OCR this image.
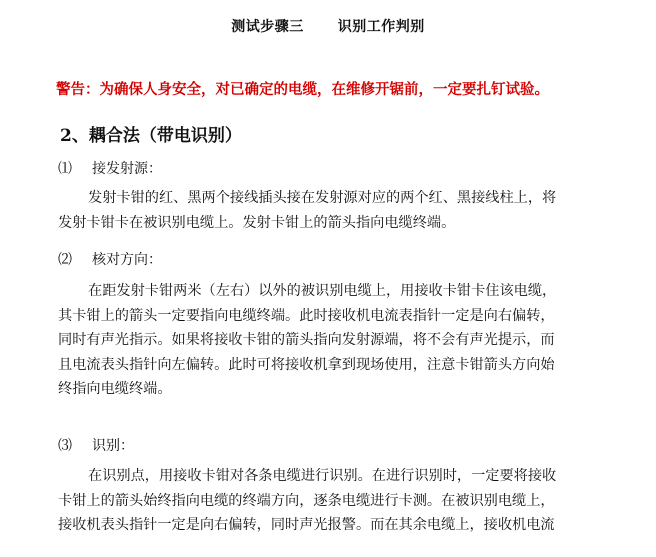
测试步骤三 识别工作判别
警告：为确保人身安全，对已确定的电缆，在维修开锯前，一定要扎钉试验。
2、耦合法（带电识别）
⑴ 接发射源：
发射卡钳的红、黑两个接线插头接在发射源对应的两个红、黑接线柱上，将
发射卡钳卡在被识别电缆上。发射卡钳上的箭头指向电缆终端。
⑵ 核对方向：
在距发射卡钳两米（左右）以外的被识别电缆上，用接收卡钳卡住该电缆，
其卡钳上的箭头一定要指向电缆终端。此时接收机电流表指针一定是向右偏转，
同时有声光指示。如果将接收卡钳的箭头指向发射源端，将不会有声光提示，而
且电流表头指针向左偏转。此时可将接收机拿到现场使用，注意卡钳箭头方向始
终指向电缆终端。
⑶ 识别：
在识别点，用接收卡钳对各条电缆进行识别。在进行识别时，一定要将接收
卡钳上的箭头始终指向电缆的终端方向，逐条电缆进行卡测。在被识别电缆上，
接收机表头指针一定是向右偏转，同时声光报警。而在其余电缆上，接收机电流
